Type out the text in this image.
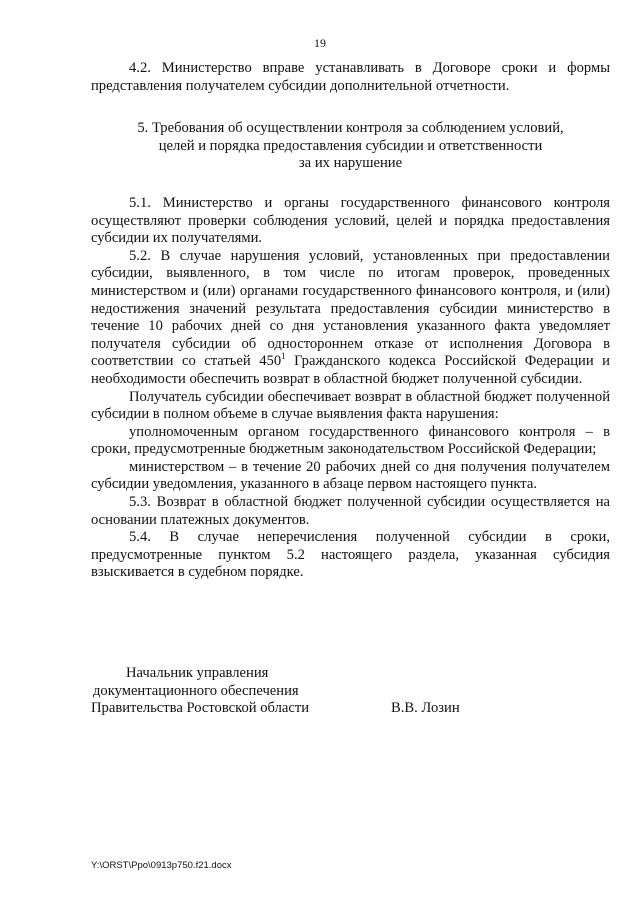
19

4.2. Министерство вправе устанавливать в Договоре сроки и формы представления получателем субсидии дополнительной отчетности.

5. Требования об осуществлении контроля за соблюдением условий,
целей и порядка предоставления субсидии и ответственности
за их нарушение

5.1. Министерство и органы государственного финансового контроля осуществляют проверки соблюдения условий, целей и порядка предоставления субсидии их получателями.

5.2. В случае нарушения условий, установленных при предоставлении субсидии, выявленного, в том числе по итогам проверок, проведенных министерством и (или) органами государственного финансового контроля, и (или) недостижения значений результата предоставления субсидии министерство в течение 10 рабочих дней со дня установления указанного факта уведомляет получателя субсидии об одностороннем отказе от исполнения Договора в соответствии со статьей $450^1$ Гражданского кодекса Российской Федерации и необходимости обеспечить возврат в областной бюджет полученной субсидии.

Получатель субсидии обеспечивает возврат в областной бюджет полученной субсидии в полном объеме в случае выявления факта нарушения:

уполномоченным органом государственного финансового контроля – в сроки, предусмотренные бюджетным законодательством Российской Федерации;

министерством – в течение 20 рабочих дней со дня получения получателем субсидии уведомления, указанного в абзаце первом настоящего пункта.

5.3. Возврат в областной бюджет полученной субсидии осуществляется на основании платежных документов.

5.4. В случае неперечисления полученной субсидии в сроки, предусмотренные пунктом 5.2 настоящего раздела, указанная субсидия взыскивается в судебном порядке.

Начальник управления
документационного обеспечения
Правительства Ростовской области	В.В. Лозин
Y:\ORST\Ppo\0913p750.f21.docx
